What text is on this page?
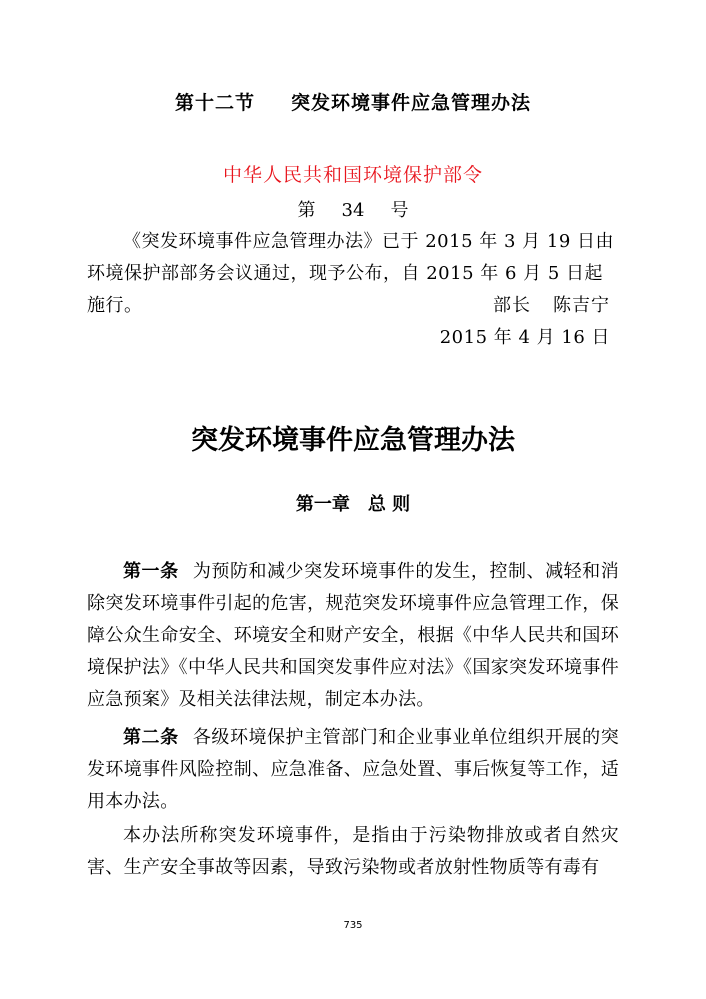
第十二节 突发环境事件应急管理办法
中华人民共和国环境保护部令
第 34 号
《突发环境事件应急管理办法》已于 2015 年 3 月 19 日由环境保护部部务会议通过，现予公布，自 2015 年 6 月 5 日起施行。	部长 陈吉宁
2015 年 4 月 16 日
突发环境事件应急管理办法
第一章 总 则
第一条 为预防和减少突发环境事件的发生，控制、减轻和消除突发环境事件引起的危害，规范突发环境事件应急管理工作，保障公众生命安全、环境安全和财产安全，根据《中华人民共和国环境保护法》《中华人民共和国突发事件应对法》《国家突发环境事件应急预案》及相关法律法规，制定本办法。
第二条 各级环境保护主管部门和企业事业单位组织开展的突发环境事件风险控制、应急准备、应急处置、事后恢复等工作，适用本办法。
本办法所称突发环境事件，是指由于污染物排放或者自然灾害、生产安全事故等因素，导致污染物或者放射性物质等有毒有
735
